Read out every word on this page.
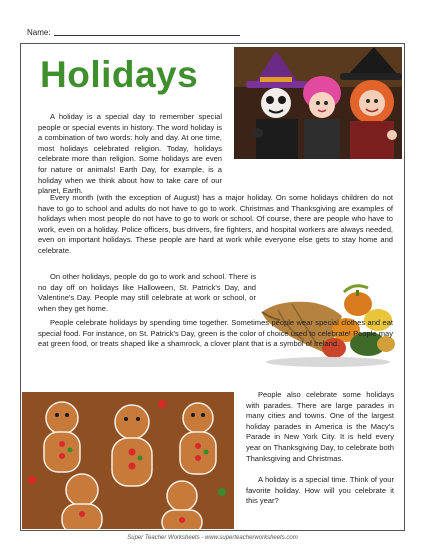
Name:
Holidays

A holiday is a special day to remember special people or special events in history. The word holiday is a combination of two words: holy and day. At one time, most holidays celebrated religion. Today, holidays celebrate more than religion. Some holidays are even for nature or animals! Earth Day, for example, is a holiday when we think about how to take care of our planet, Earth.

Every month (with the exception of August) has a major holiday. On some holidays children do not have to go to school and adults do not have to go to work. Christmas and Thanksgiving are examples of holidays when most people do not have to go to work or school. Of course, there are people who have to work, even on a holiday. Police officers, bus drivers, fire fighters, and hospital workers are always needed, even on important holidays. These people are hard at work while everyone else gets to stay home and celebrate.

On other holidays, people do go to work and school. There is no day off on holidays like Halloween, St. Patrick's Day, and Valentine's Day. People may still celebrate at work or school, or when they get home.

People celebrate holidays by spending time together. Sometimes people wear special clothes and eat special food. For instance, on St. Patrick's Day, green is the color of choice used to celebrate! People may eat green food, or treats shaped like a shamrock, a clover plant that is a symbol of Ireland.

People also celebrate some holidays with parades. There are large parades in many cities and towns. One of the largest holiday parades in America is the Macy's Parade in New York City. It is held every year on Thanksgiving Day, to celebrate both Thanksgiving and Christmas.

A holiday is a special time. Think of your favorite holiday. How will you celebrate it this year?

Super Teacher Worksheets - www.superteacherworksheets.com
